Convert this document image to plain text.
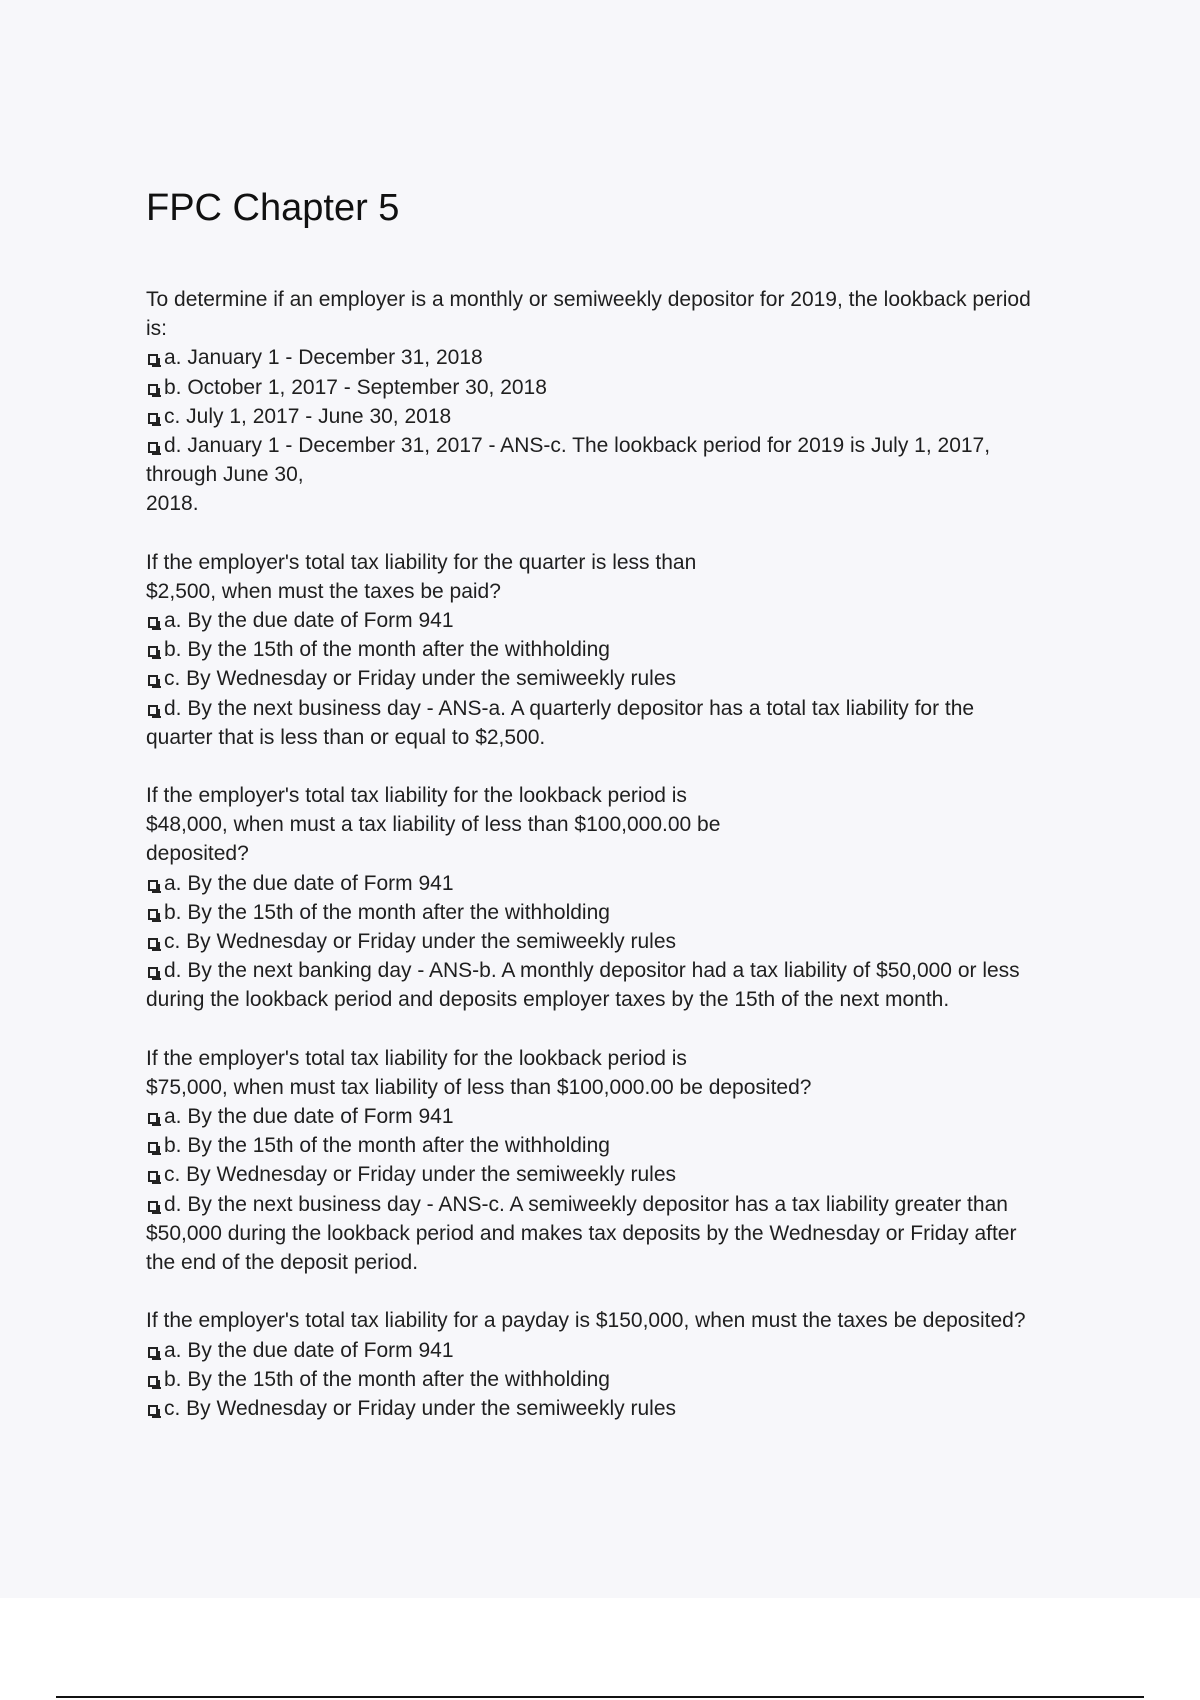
FPC Chapter 5
To determine if an employer is a monthly or semiweekly depositor for 2019, the lookback period
is:
a. January 1 - December 31, 2018
b. October 1, 2017 - September 30, 2018
c. July 1, 2017 - June 30, 2018
d. January 1 - December 31, 2017 - ANS-c. The lookback period for 2019 is July 1, 2017,
through June 30,
2018.
If the employer's total tax liability for the quarter is less than
$2,500, when must the taxes be paid?
a. By the due date of Form 941
b. By the 15th of the month after the withholding
c. By Wednesday or Friday under the semiweekly rules
d. By the next business day - ANS-a. A quarterly depositor has a total tax liability for the
quarter that is less than or equal to $2,500.
If the employer's total tax liability for the lookback period is
$48,000, when must a tax liability of less than $100,000.00 be
deposited?
a. By the due date of Form 941
b. By the 15th of the month after the withholding
c. By Wednesday or Friday under the semiweekly rules
d. By the next banking day - ANS-b. A monthly depositor had a tax liability of $50,000 or less
during the lookback period and deposits employer taxes by the 15th of the next month.
If the employer's total tax liability for the lookback period is
$75,000, when must tax liability of less than $100,000.00 be deposited?
a. By the due date of Form 941
b. By the 15th of the month after the withholding
c. By Wednesday or Friday under the semiweekly rules
d. By the next business day - ANS-c. A semiweekly depositor has a tax liability greater than
$50,000 during the lookback period and makes tax deposits by the Wednesday or Friday after
the end of the deposit period.
If the employer's total tax liability for a payday is $150,000, when must the taxes be deposited?
a. By the due date of Form 941
b. By the 15th of the month after the withholding
c. By Wednesday or Friday under the semiweekly rules
